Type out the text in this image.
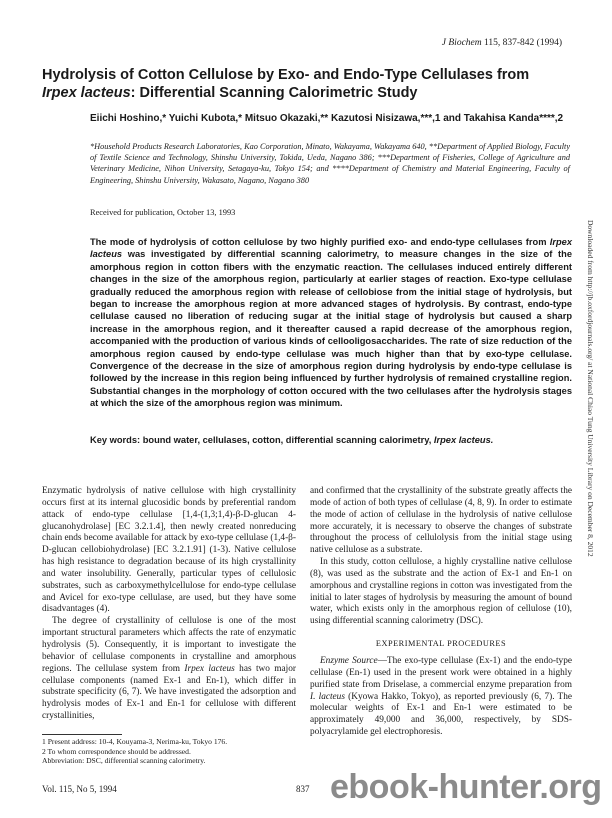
J Biochem 115, 837-842 (1994)
Hydrolysis of Cotton Cellulose by Exo- and Endo-Type Cellulases from
Irpex lacteus: Differential Scanning Calorimetric Study
Eiichi Hoshino,* Yuichi Kubota,* Mitsuo Okazaki,** Kazutosi Nisizawa,***,1 and Takahisa Kanda****,2
*Household Products Research Laboratories, Kao Corporation, Minato, Wakayama, Wakayama 640, **Department of Applied Biology, Faculty of Textile Science and Technology, Shinshu University, Tokida, Ueda, Nagano 386; ***Department of Fisheries, College of Agriculture and Veterinary Medicine, Nihon University, Setagaya-ku, Tokyo 154; and ****Department of Chemistry and Material Engineering, Faculty of Engineering, Shinshu University, Wakasato, Nagano, Nagano 380
Received for publication, October 13, 1993
The mode of hydrolysis of cotton cellulose by two highly purified exo- and endo-type cellulases from Irpex lacteus was investigated by differential scanning calorimetry, to measure changes in the size of the amorphous region in cotton fibers with the enzymatic reaction. The cellulases induced entirely different changes in the size of the amorphous region, particularly at earlier stages of reaction. Exo-type cellulase gradually reduced the amorphous region with release of cellobiose from the initial stage of hydrolysis, but began to increase the amorphous region at more advanced stages of hydrolysis. By contrast, endo-type cellulase caused no liberation of reducing sugar at the initial stage of hydrolysis but caused a sharp increase in the amorphous region, and it thereafter caused a rapid decrease of the amorphous region, accompanied with the production of various kinds of cellooligosaccharides. The rate of size reduction of the amorphous region caused by endo-type cellulase was much higher than that by exo-type cellulase. Convergence of the decrease in the size of amorphous region during hydrolysis by endo-type cellulase is followed by the increase in this region being influenced by further hydrolysis of remained crystalline region. Substantial changes in the morphology of cotton occured with the two cellulases after the hydrolysis stages at which the size of the amorphous region was minimum.
Key words: bound water, cellulases, cotton, differential scanning calorimetry, Irpex lacteus.

Enzymatic hydrolysis of native cellulose with high crystallinity occurs first at its internal glucosidic bonds by preferential random attack of endo-type cellulase [1,4-(1,3;1,4)-β-D-glucan 4-glucanohydrolase] [EC 3.2.1.4], then newly created nonreducing chain ends become available for attack by exo-type cellulase (1,4-β-D-glucan cellobiohydrolase) [EC 3.2.1.91] (1-3). Native cellulose has high resistance to degradation because of its high crystallinity and water insolubility. Generally, particular types of cellulosic substrates, such as carboxymethylcellulose for endo-type cellulase and Avicel for exo-type cellulase, are used, but they have some disadvantages (4).

The degree of crystallinity of cellulose is one of the most important structural parameters which affects the rate of enzymatic hydrolysis (5). Consequently, it is important to investigate the behavior of cellulase components in crystalline and amorphous regions. The cellulase system from Irpex lacteus has two major cellulase components (named Ex-1 and En-1), which differ in substrate specificity (6, 7). We have investigated the adsorption and hydrolysis modes of Ex-1 and En-1 for cellulose with different crystallinities,

and confirmed that the crystallinity of the substrate greatly affects the mode of action of both types of cellulase (4, 8, 9). In order to estimate the mode of action of cellulase in the hydrolysis of native cellulose more accurately, it is necessary to observe the changes of substrate throughout the process of cellulolysis from the initial stage using native cellulose as a substrate.

In this study, cotton cellulose, a highly crystalline native cellulose (8), was used as the substrate and the action of Ex-1 and En-1 on amorphous and crystalline regions in cotton was investigated from the initial to later stages of hydrolysis by measuring the amount of bound water, which exists only in the amorphous region of cellulose (10), using differential scanning calorimetry (DSC).

EXPERIMENTAL PROCEDURES

Enzyme Source—The exo-type cellulase (Ex-1) and the endo-type cellulase (En-1) used in the present work were obtained in a highly purified state from Driselase, a commercial enzyme preparation from I. lacteus (Kyowa Hakko, Tokyo), as reported previously (6, 7). The molecular weights of Ex-1 and En-1 were estimated to be approximately 49,000 and 36,000, respectively, by SDS-polyacrylamide gel electrophoresis.

1 Present address: 10-4, Kouyama-3, Nerima-ku, Tokyo 176.
2 To whom correspondence should be addressed.
Abbreviation: DSC, differential scanning calorimetry.
Vol. 115, No 5, 1994	837
Downloaded from http://jb.oxfordjournals.org/ at National Chiao Tung University Library on December 8, 2012
ebook-hunter.org
